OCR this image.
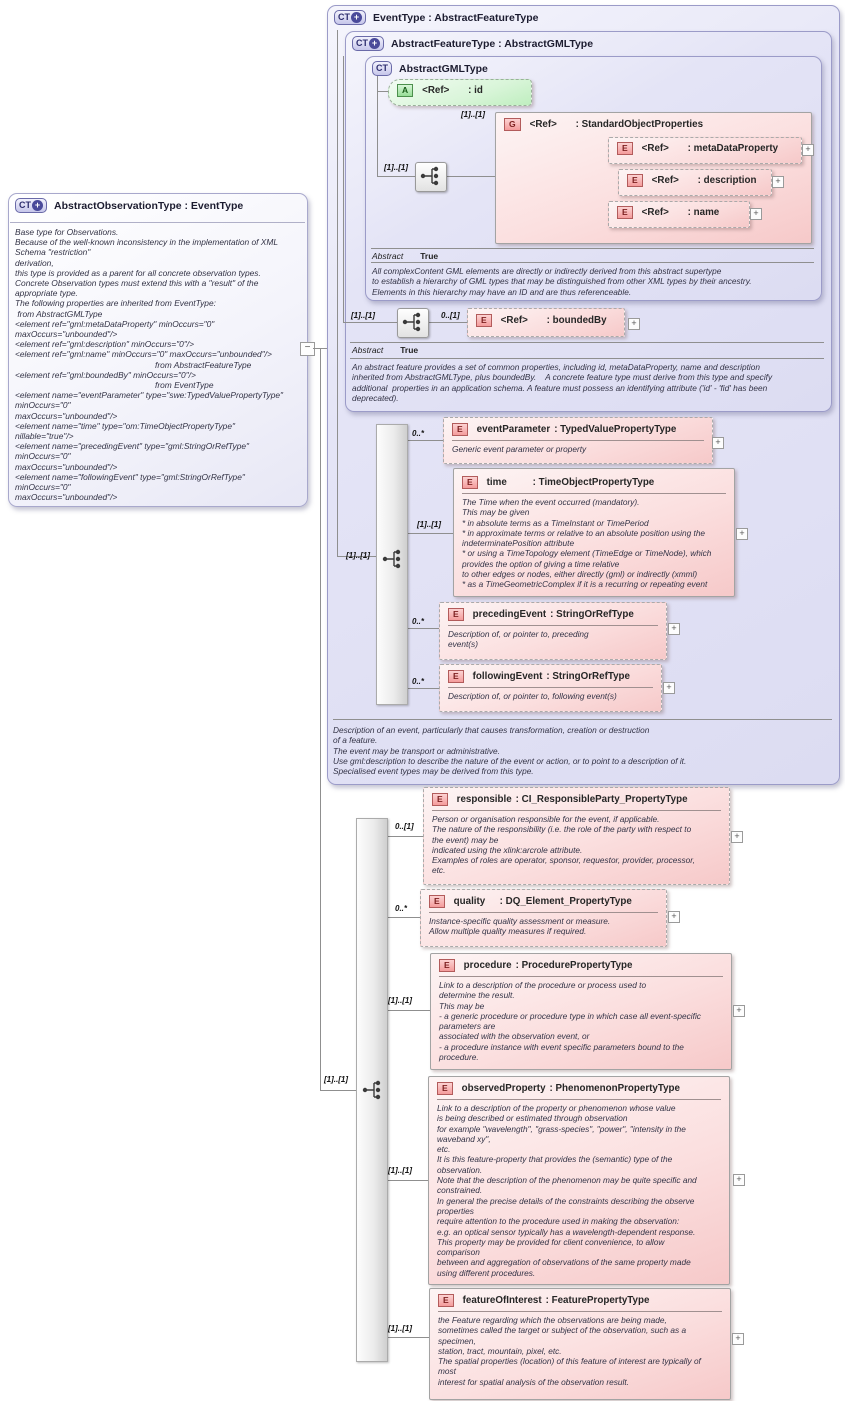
CT + EventType : AbstractFeatureType
CT + AbstractFeatureType : AbstractGMLType
CT AbstractGMLType
CT + AbstractObservationType : EventType
Base type for Observations.
Because of the well-known inconsistency in the implementation of XML
Schema "restriction"
derivation,
this type is provided as a parent for all concrete observation types.
Concrete Observation types must extend this with a "result" of the
appropriate type.
The following properties are inherited from EventType:
from AbstractGMLType
<element ref="gml:metaDataProperty" minOccurs="0"
maxOccurs="unbounded"/>
<element ref="gml:description" minOccurs="0"/>
<element ref="gml:name" minOccurs="0" maxOccurs="unbounded"/>
from AbstractFeatureType
<element ref="gml:boundedBy" minOccurs="0"/>
from EventType
<element name="eventParameter" type="swe:TypedValuePropertyType"
minOccurs="0"
maxOccurs="unbounded"/>
<element name="time" type="om:TimeObjectPropertyType"
nillable="true"/>
<element name="precedingEvent" type="gml:StringOrRefType"
minOccurs="0"
maxOccurs="unbounded"/>
<element name="followingEvent" type="gml:StringOrRefType"
minOccurs="0"
maxOccurs="unbounded"/>
−
Abstract True
All complexContent GML elements are directly or indirectly derived from this abstract supertype
to establish a hierarchy of GML types that may be distinguished from other XML types by their ancestry.
Elements in this hierarchy may have an ID and are thus referenceable.
Abstract True
An abstract feature provides a set of common properties, including id, metaDataProperty, name and description
inherited from AbstractGMLType, plus boundedBy.    A concrete feature type must derive from this type and specify
additional  properties in an application schema. A feature must possess an identifying attribute ('id' - 'fid' has been
deprecated).
Description of an event, particularly that causes transformation, creation or destruction
of a feature.
The event may be transport or administrative.
Use gml:description to describe the nature of the event or action, or to point to a description of it.
Specialised event types may be derived from this type.
[1]..[1]
[1]..[1]
[1]..[1]	0..[1]
[1]..[1]
0..*
[1]..[1]
0..*
0..*
[1]..[1]
0..[1]
0..*
[1]..[1]
[1]..[1]
[1]..[1]
A	<Ref>	: id
G	<Ref>	: StandardObjectProperties
E	<Ref>	: metaDataProperty
E	<Ref>	: description
E	<Ref>	: name
E	<Ref>	: boundedBy
E	eventParameter : TypedValuePropertyType
Generic event parameter or property
E	time	: TimeObjectPropertyType
The Time when the event occurred (mandatory).
This may be given
* in absolute terms as a TimeInstant or TimePeriod
* in approximate terms or relative to an absolute position using the
indeterminatePosition attribute
* or using a TimeTopology element (TimeEdge or TimeNode), which
provides the option of giving a time relative
to other edges or nodes, either directly (gml) or indirectly (xmml)
* as a TimeGeometricComplex if it is a recurring or repeating event
E	precedingEvent : StringOrRefType
Description of, or pointer to, preceding
event(s)
E	followingEvent : StringOrRefType
Description of, or pointer to, following event(s)
E	responsible : CI_ResponsibleParty_PropertyType
Person or organisation responsible for the event, if applicable.
The nature of the responsibility (i.e. the role of the party with respect to
the event) may be
indicated using the xlink:arcrole attribute.
Examples of roles are operator, sponsor, requestor, provider, processor,
etc.
E	quality	: DQ_Element_PropertyType
Instance-specific quality assessment or measure.
Allow multiple quality measures if required.
E	procedure : ProcedurePropertyType
Link to a description of the procedure or process used to
determine the result.
This may be
- a generic procedure or procedure type in which case all event-specific
parameters are
associated with the observation event, or
- a procedure instance with event specific parameters bound to the
procedure.
E	observedProperty : PhenomenonPropertyType
Link to a description of the property or phenomenon whose value
is being described or estimated through observation
for example "wavelength", "grass-species", "power", "intensity in the
waveband xy",
etc.
It is this feature-property that provides the (semantic) type of the
observation.
Note that the description of the phenomenon may be quite specific and
constrained.
In general the precise details of the constraints describing the observe
properties
require attention to the procedure used in making the observation:
e.g. an optical sensor typically has a wavelength-dependent response.
This property may be provided for client convenience, to allow
comparison
between and aggregation of observations of the same property made
using different procedures.
E	featureOfInterest : FeaturePropertyType
the Feature regarding which the observations are being made,
sometimes called the target or subject of the observation, such as a
specimen,
station, tract, mountain, pixel, etc.
The spatial properties (location) of this feature of interest are typically of
most
interest for spatial analysis of the observation result.
+
+
+
+
+
+
+
+
+
+
+
+
+
